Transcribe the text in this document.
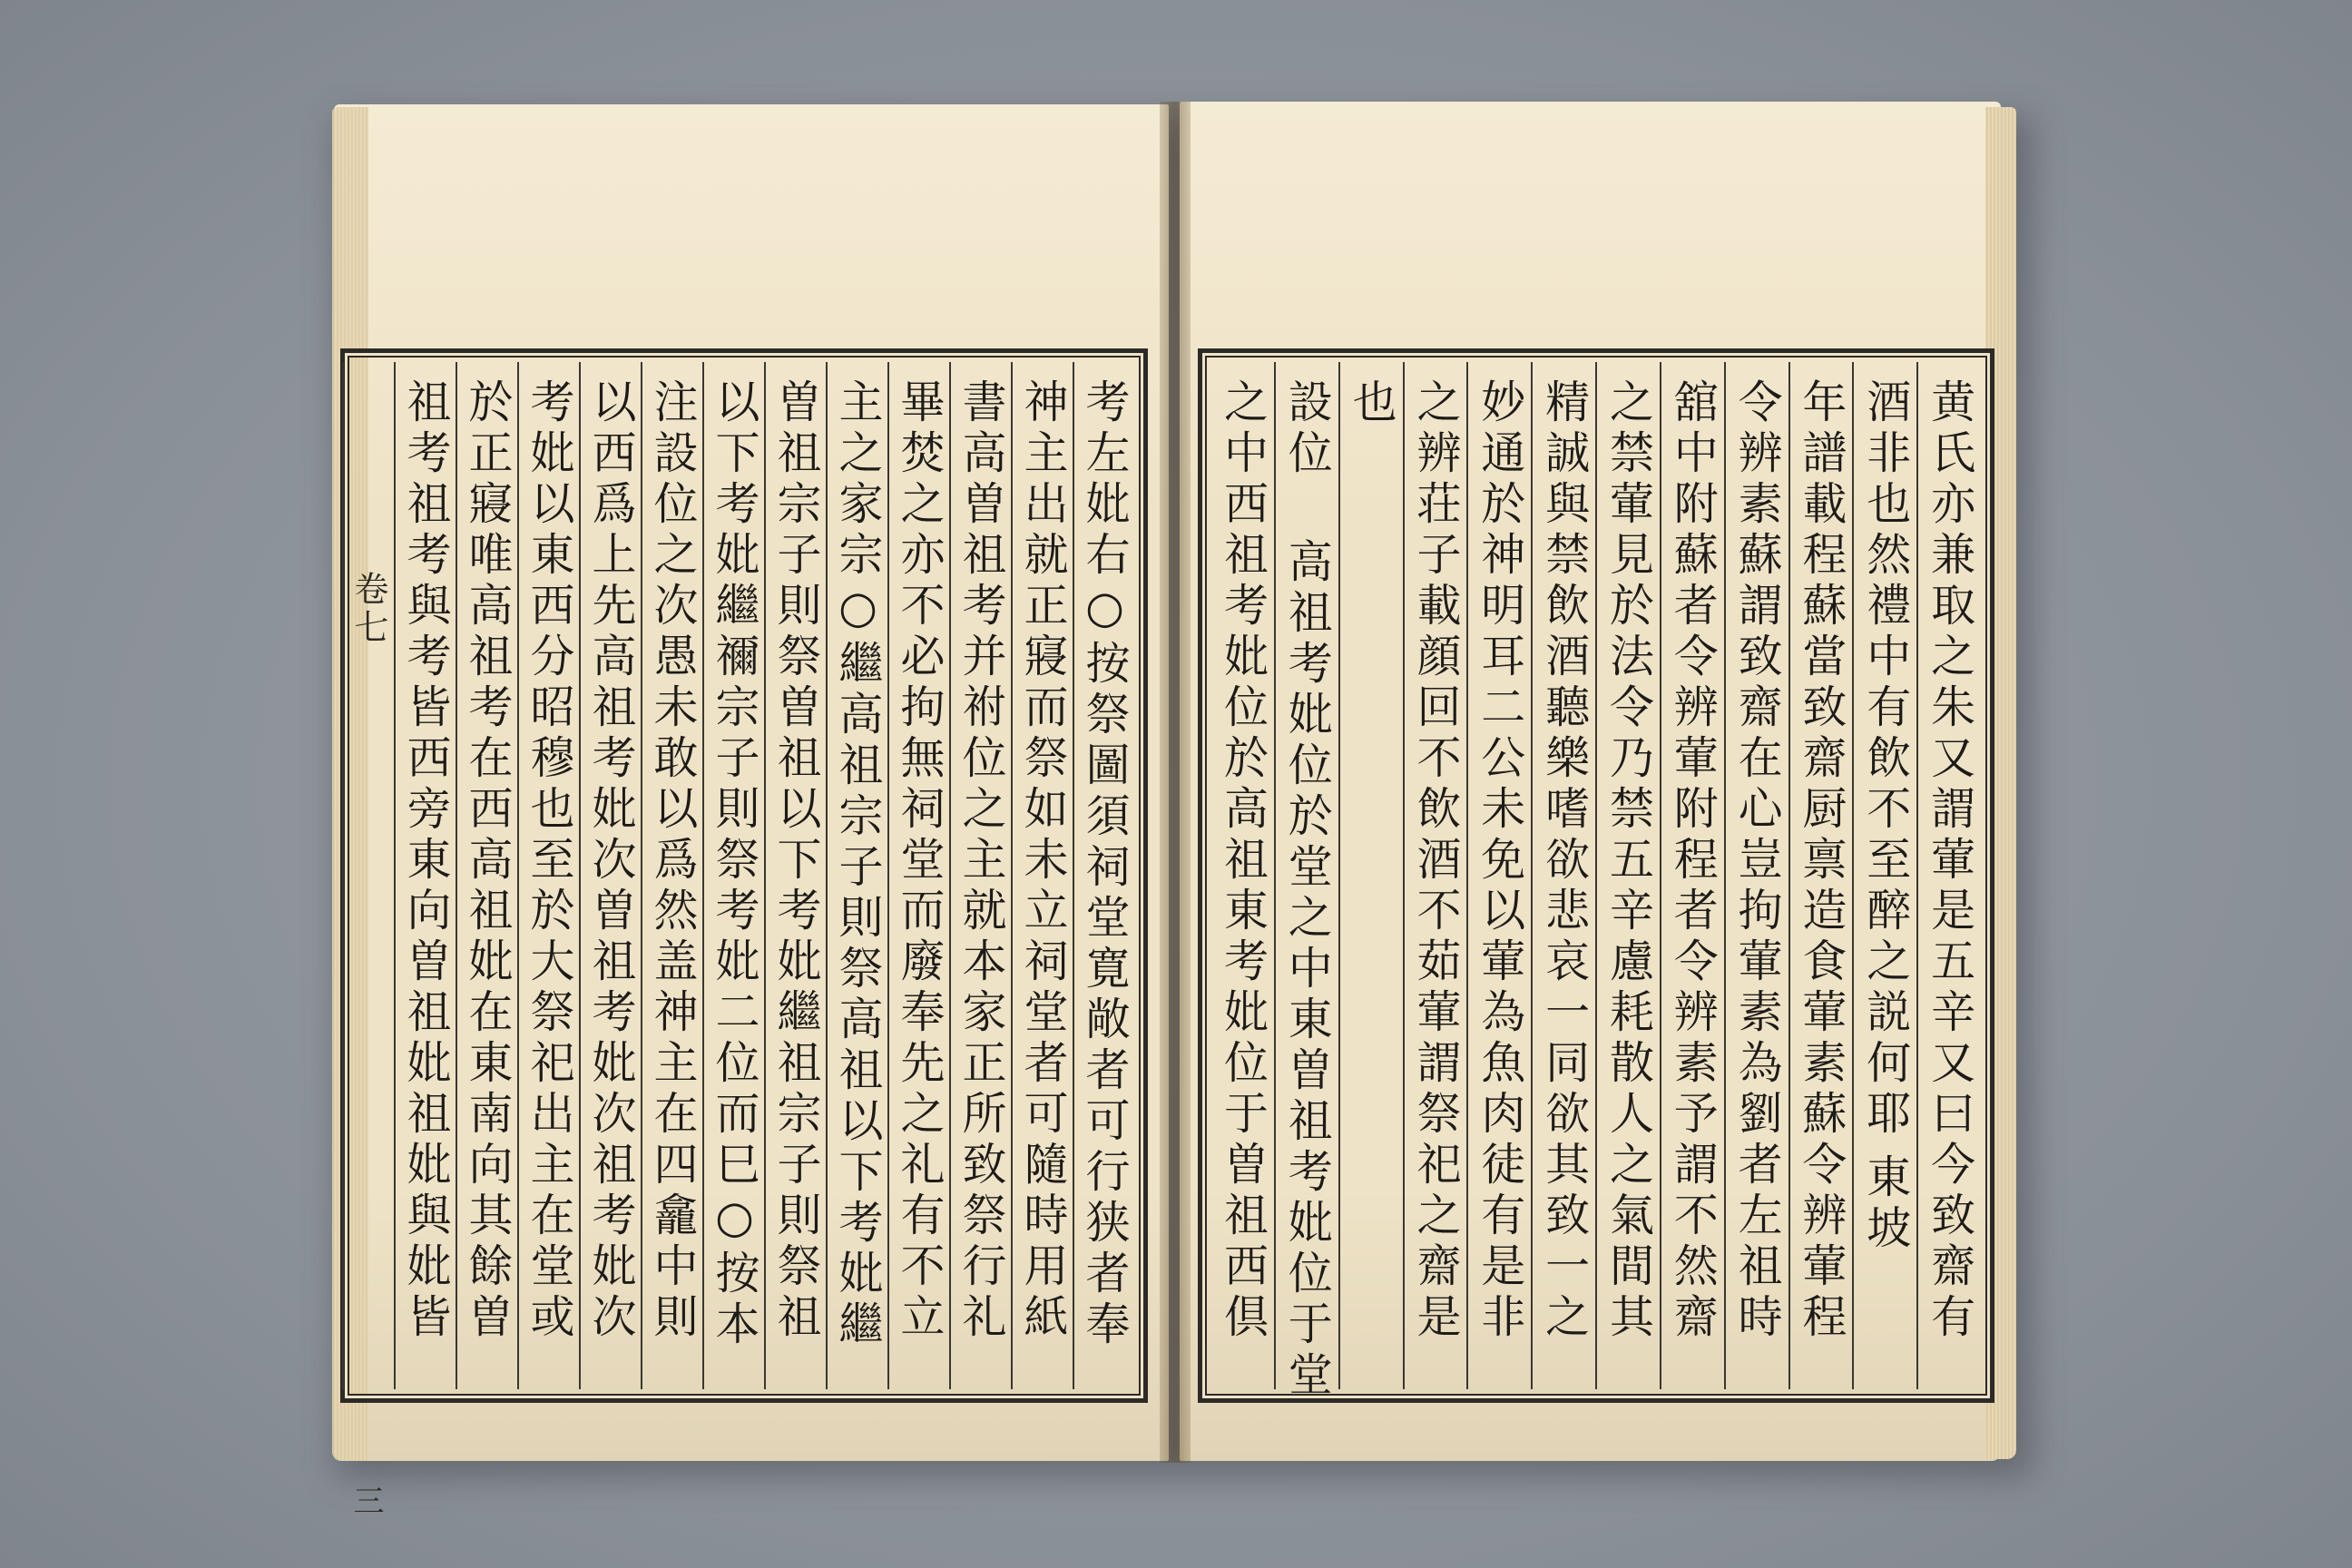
考左妣右○按祭圖須祠堂寛敞者可行狭者奉
神主出就正寢而祭如未立祠堂者可隨時用紙
書高曽祖考并祔位之主就本家正所致祭行礼
畢焚之亦不必拘無祠堂而廢奉先之礼有不立
主之家宗○繼高祖宗子則祭高祖以下考妣繼
曽祖宗子則祭曽祖以下考妣繼祖宗子則祭祖
以下考妣繼禰宗子則祭考妣二位而巳○按本
注設位之次愚未敢以爲然盖神主在四龕中則
以西爲上先高祖考妣次曽祖考妣次祖考妣次
考妣以東西分昭穆也至於大祭祀出主在堂或
於正寢唯高祖考在西高祖妣在東南向其餘曽
祖考祖考與考皆西旁東向曽祖妣祖妣與妣皆
卷七
三
黄氏亦兼取之朱又謂葷是五辛又曰今致齋有
酒非也然禮中有飲不至醉之説何耶
東坡
年譜載程蘇當致齋厨禀造食葷素蘇令辨葷程
令辨素蘇謂致齋在心豈拘葷素為劉者左祖時
舘中附蘇者令辨葷附程者令辨素予謂不然齋
之禁葷見於法令乃禁五辛慮耗散人之氣間其
精誠與禁飲酒聽樂嗜欲悲哀一同欲其致一之
妙通於神明耳二公未免以葷為魚肉徒有是非
之辨荘子載顔回不飲酒不茹葷謂祭祀之齋是
也
設位 高祖考妣位於堂之中東曽祖考妣位于堂
之中西祖考妣位於高祖東考妣位于曽祖西倶
